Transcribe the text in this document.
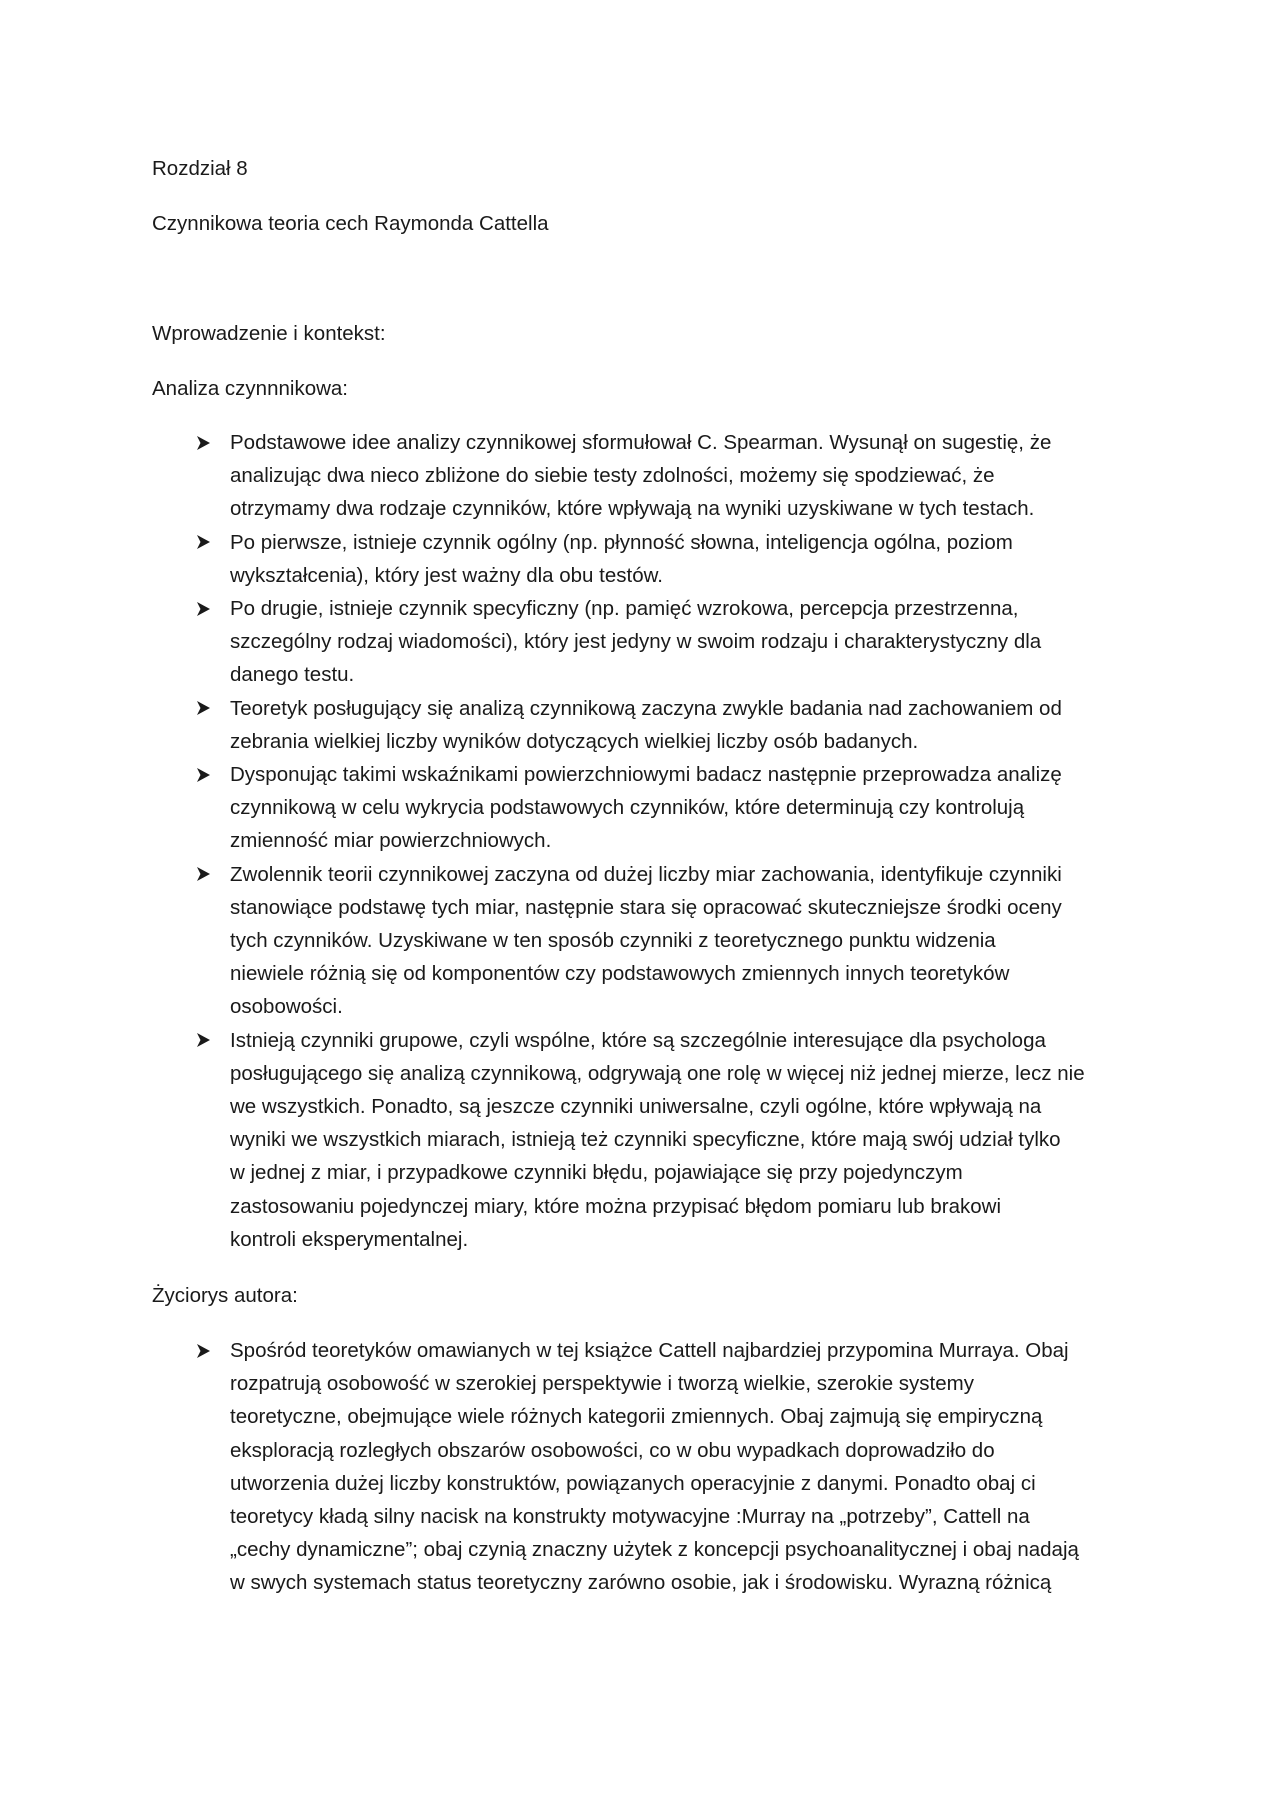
Rozdział 8

Czynnikowa teoria cech Raymonda Cattella

Wprowadzenie i kontekst:

Analiza czynnnikowa:

Podstawowe idee analizy czynnikowej sformułował C. Spearman. Wysunął on sugestię, że
analizując dwa nieco zbliżone do siebie testy zdolności, możemy się spodziewać, że
otrzymamy dwa rodzaje czynników, które wpływają na wyniki uzyskiwane w tych testach.
Po pierwsze, istnieje czynnik ogólny (np. płynność słowna, inteligencja ogólna, poziom
wykształcenia), który jest ważny dla obu testów.
Po drugie, istnieje czynnik specyficzny (np. pamięć wzrokowa, percepcja przestrzenna,
szczególny rodzaj wiadomości), który jest jedyny w swoim rodzaju i charakterystyczny dla
danego testu.
Teoretyk posługujący się analizą czynnikową zaczyna zwykle badania nad zachowaniem od
zebrania wielkiej liczby wyników dotyczących wielkiej liczby osób badanych.
Dysponując takimi wskaźnikami powierzchniowymi badacz następnie przeprowadza analizę
czynnikową w celu wykrycia podstawowych czynników, które determinują czy kontrolują
zmienność miar powierzchniowych.
Zwolennik teorii czynnikowej zaczyna od dużej liczby miar zachowania, identyfikuje czynniki
stanowiące podstawę tych miar, następnie stara się opracować skuteczniejsze środki oceny
tych czynników. Uzyskiwane w ten sposób czynniki z teoretycznego punktu widzenia
niewiele różnią się od komponentów czy podstawowych zmiennych innych teoretyków
osobowości.
Istnieją czynniki grupowe, czyli wspólne, które są szczególnie interesujące dla psychologa
posługującego się analizą czynnikową, odgrywają one rolę w więcej niż jednej mierze, lecz nie
we wszystkich. Ponadto, są jeszcze czynniki uniwersalne, czyli ogólne, które wpływają na
wyniki we wszystkich miarach, istnieją też czynniki specyficzne, które mają swój udział tylko
w jednej z miar, i przypadkowe czynniki błędu, pojawiające się przy pojedynczym
zastosowaniu pojedynczej miary, które można przypisać błędom pomiaru lub brakowi
kontroli eksperymentalnej.

Życiorys autora:

Spośród teoretyków omawianych w tej książce Cattell najbardziej przypomina Murraya. Obaj
rozpatrują osobowość w szerokiej perspektywie i tworzą wielkie, szerokie systemy
teoretyczne, obejmujące wiele różnych kategorii zmiennych. Obaj zajmują się empiryczną
eksploracją rozległych obszarów osobowości, co w obu wypadkach doprowadziło do
utworzenia dużej liczby konstruktów, powiązanych operacyjnie z danymi. Ponadto obaj ci
teoretycy kładą silny nacisk na konstrukty motywacyjne :Murray na „potrzeby”, Cattell na
„cechy dynamiczne”; obaj czynią znaczny użytek z koncepcji psychoanalitycznej i obaj nadają
w swych systemach status teoretyczny zarówno osobie, jak i środowisku. Wyrazną różnicą
